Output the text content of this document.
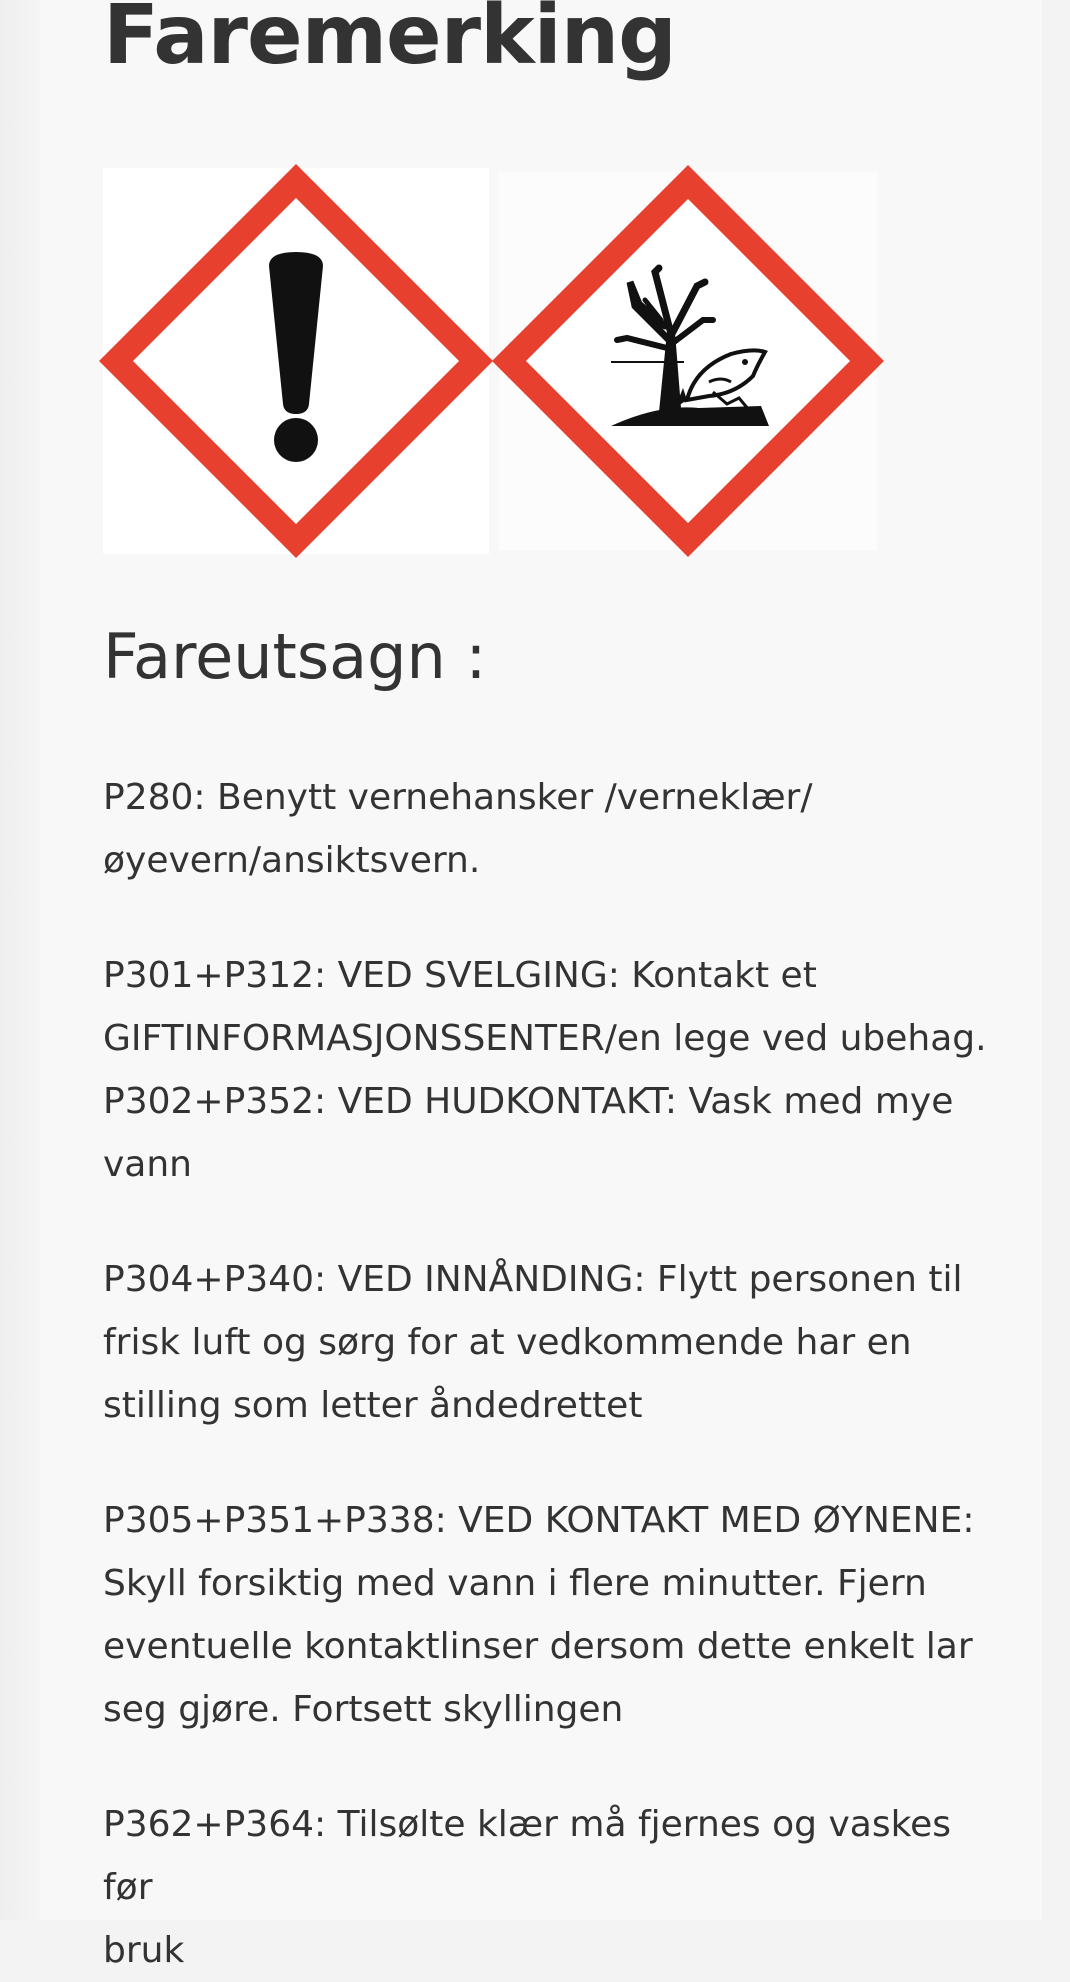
Faremerking
Fareutsagn :

P280: Benytt vernehansker /verneklær/
øyevern/ansiktsvern.

P301+P312: VED SVELGING: Kontakt et
GIFTINFORMASJONSSENTER/en lege ved ubehag.

P302+P352: VED HUDKONTAKT: Vask med mye
vann

P304+P340: VED INNÅNDING: Flytt personen til
frisk luft og sørg for at vedkommende har en
stilling som letter åndedrettet

P305+P351+P338: VED KONTAKT MED ØYNENE:
Skyll forsiktig med vann i flere minutter. Fjern
eventuelle kontaktlinser dersom dette enkelt lar
seg gjøre. Fortsett skyllingen

P362+P364: Tilsølte klær må fjernes og vaskes før
bruk
